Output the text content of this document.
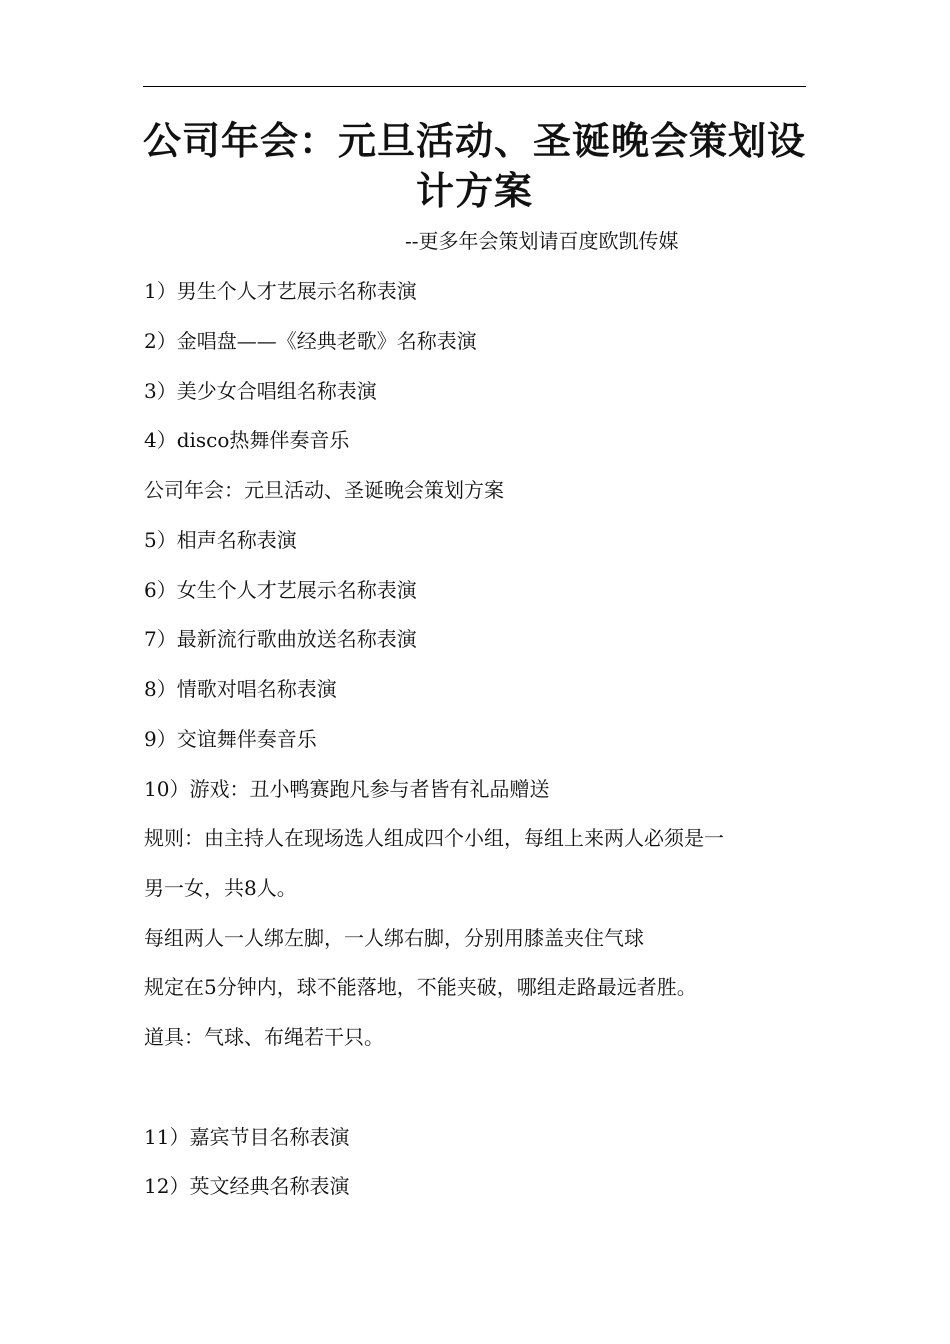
公司年会：元旦活动、圣诞晚会策划设计方案
--更多年会策划请百度欧凯传媒
1）男生个人才艺展示名称表演
2）金唱盘——《经典老歌》名称表演
3）美少女合唱组名称表演
4）disco热舞伴奏音乐
公司年会：元旦活动、圣诞晚会策划方案
5）相声名称表演
6）女生个人才艺展示名称表演
7）最新流行歌曲放送名称表演
8）情歌对唱名称表演
9）交谊舞伴奏音乐
10）游戏：丑小鸭赛跑凡参与者皆有礼品赠送
规则：由主持人在现场选人组成四个小组，每组上来两人必须是一
男一女，共8人。
每组两人一人绑左脚，一人绑右脚，分别用膝盖夹住气球
规定在5分钟内，球不能落地，不能夹破，哪组走路最远者胜。
道具：气球、布绳若干只。
11）嘉宾节目名称表演
12）英文经典名称表演
